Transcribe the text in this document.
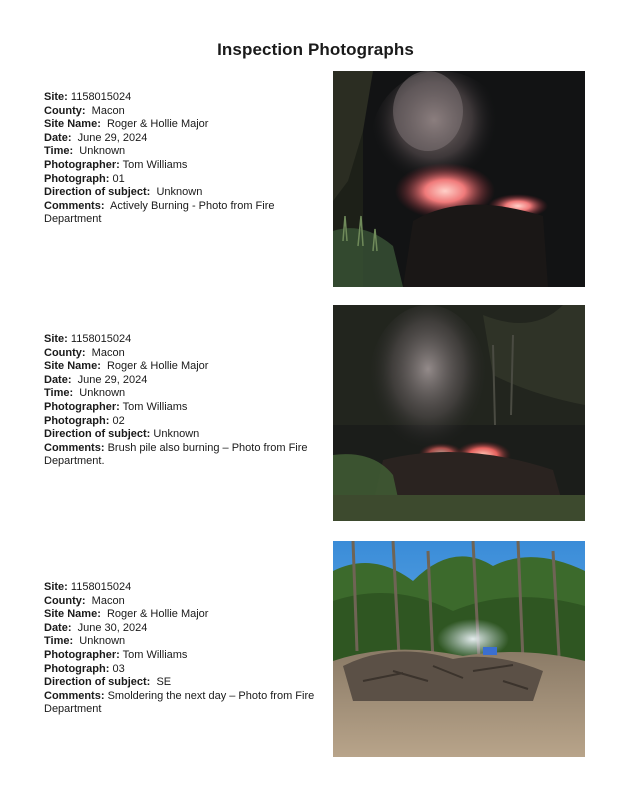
Inspection Photographs
Site: 1158015024
County: Macon
Site Name: Roger & Hollie Major
Date: June 29, 2024
Time: Unknown
Photographer: Tom Williams
Photograph: 01
Direction of subject: Unknown
Comments: Actively Burning - Photo from Fire Department
Site: 1158015024
County: Macon
Site Name: Roger & Hollie Major
Date: June 29, 2024
Time: Unknown
Photographer: Tom Williams
Photograph: 02
Direction of subject: Unknown
Comments: Brush pile also burning – Photo from Fire Department.
Site: 1158015024
County: Macon
Site Name: Roger & Hollie Major
Date: June 30, 2024
Time: Unknown
Photographer: Tom Williams
Photograph: 03
Direction of subject: SE
Comments: Smoldering the next day – Photo from Fire Department
